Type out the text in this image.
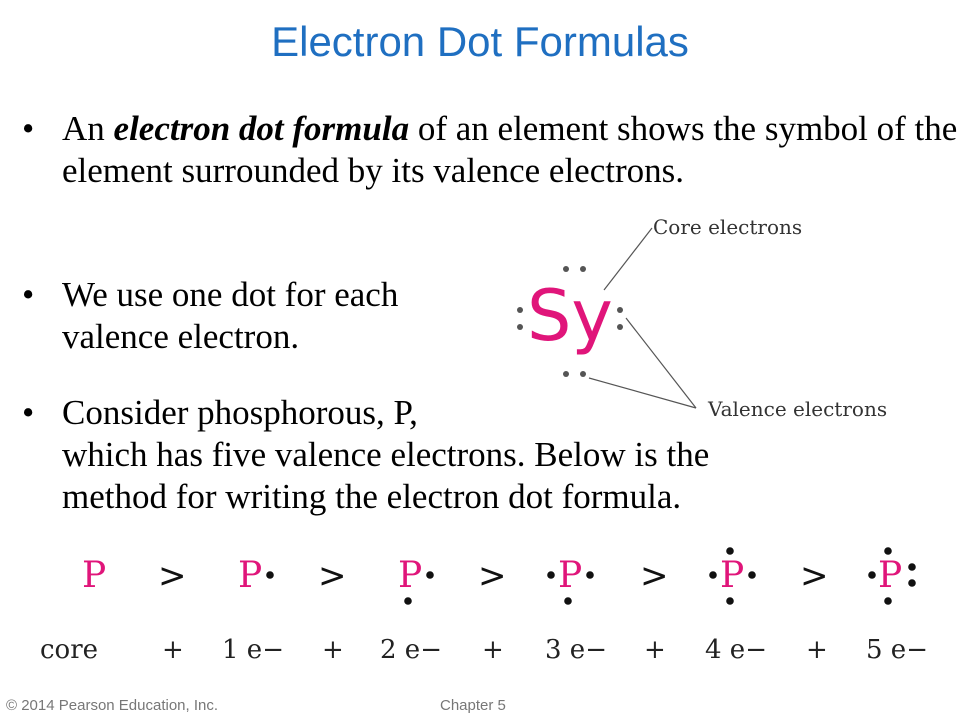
Electron Dot Formulas
• An electron dot formula of an element shows the symbol of the element surrounded by its valence electrons.
• We use one dot for each
valence electron.
• Consider phosphorous, P,
which has five valence electrons. Below is the
method for writing the electron dot formula.
Sy
Core electrons
Valence electrons
P	P	P	P	P	P
>	>	>	>	>
core	1 e−	2 e−	3 e−	4 e−	5 e−
+	+	+	+	+
© 2014 Pearson Education, Inc.	Chapter 5
